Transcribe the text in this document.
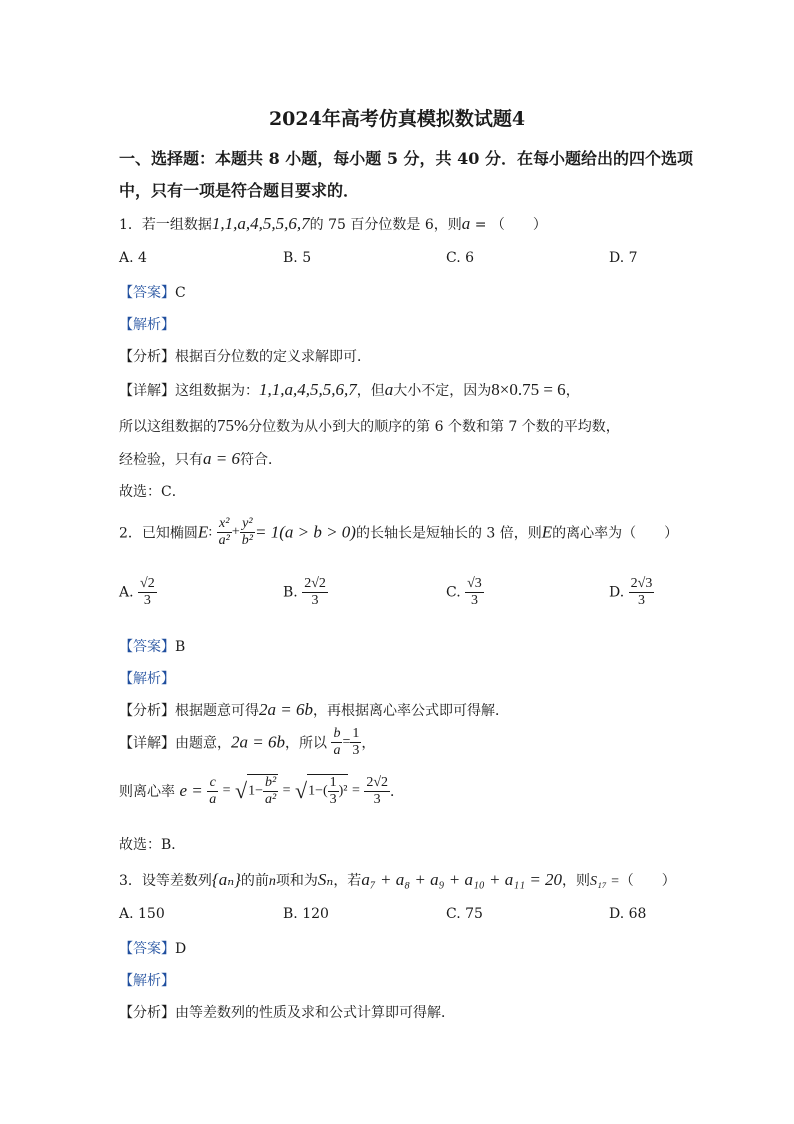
2024年高考仿真模拟数试题4
一、选择题：本题共 8 小题，每小题 5 分，共 40 分．在每小题给出的四个选项
中，只有一项是符合题目要求的．
1．若一组数据1,1,a,4,5,5,6,7的 75 百分位数是 6，则a = （　　）
A. 4	B. 5	C. 6	D. 7
【答案】C
【解析】
【分析】根据百分位数的定义求解即可．
【详解】这组数据为：1,1,a,4,5,5,6,7，但a大小不定，因为8×0.75 = 6，
所以这组数据的75%分位数为从小到大的顺序的第 6 个数和第 7 个数的平均数，
经检验，只有a = 6符合．
故选：C．
2．已知椭圆E: $\frac{\text{x²}}{\text{a²}} + \frac{\text{y²}}{\text{b²}} = 1(a > b > 0)$的长轴长是短轴长的 3 倍，则E的离心率为（　　）
A. $\frac{√2}{3}$	B. $\frac{2√2}{3}$	C. $\frac{√3}{3}$	D. $\frac{2√3}{3}$
【答案】B
【解析】
【分析】根据题意可得2a = 6b，再根据离心率公式即可得解．
【详解】由题意，2a = 6b，所以 $\frac{b}{a} = \frac{1}{3}$ ，
则离心率 $e = \frac{c}{a} = √1- \frac{\text{b²}}{\text{a²}} = √1-( \frac{1}{3} )^2 = \frac{2√2}{3}$ ．
故选：B．
3．设等差数列{aₙ}的前n项和为Sₙ，若a₇ + a₈ + a₉ + a₁₀ + a₁₁ = 20，则S₁₇ =（　　）
A. 150	B. 120	C. 75	D. 68
【答案】D
【解析】
【分析】由等差数列的性质及求和公式计算即可得解．
